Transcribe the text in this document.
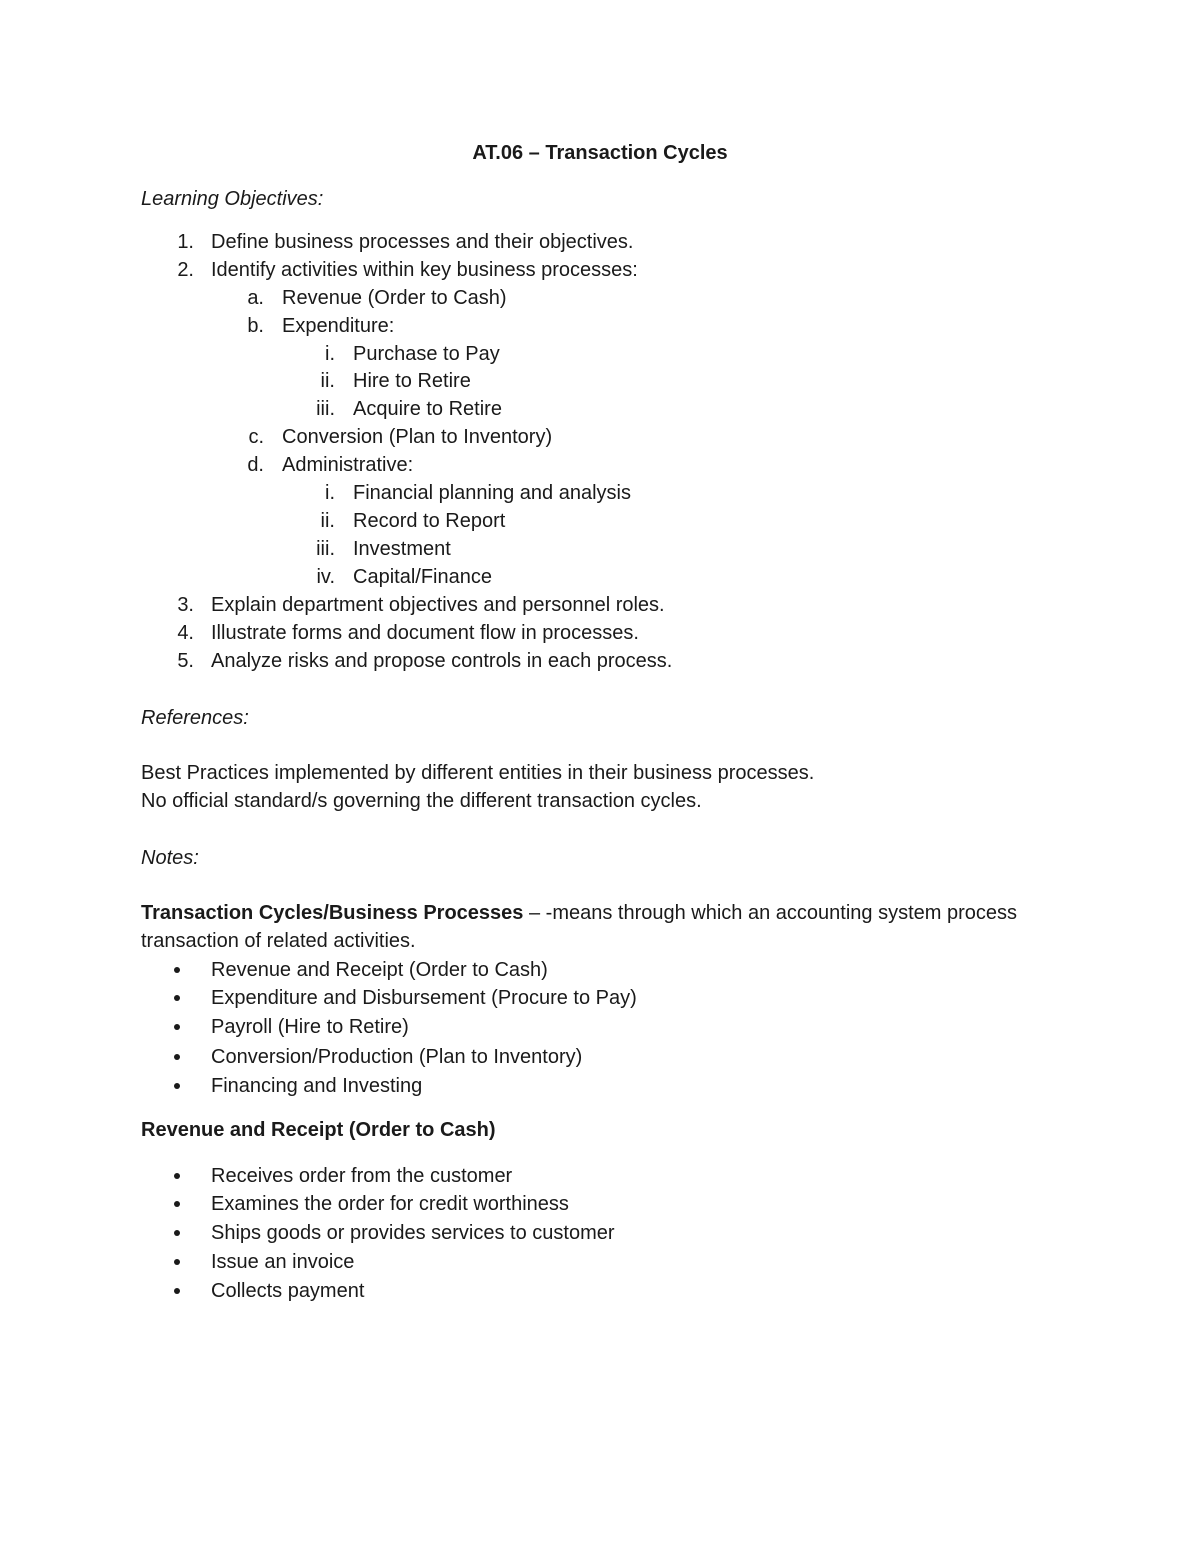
AT.06 – Transaction Cycles
Learning Objectives:
1. Define business processes and their objectives.
2. Identify activities within key business processes:
a. Revenue (Order to Cash)
b. Expenditure:
i. Purchase to Pay
ii. Hire to Retire
iii. Acquire to Retire
c. Conversion (Plan to Inventory)
d. Administrative:
i. Financial planning and analysis
ii. Record to Report
iii. Investment
iv. Capital/Finance
3. Explain department objectives and personnel roles.
4. Illustrate forms and document flow in processes.
5. Analyze risks and propose controls in each process.
References:
Best Practices implemented by different entities in their business processes.
No official standard/s governing the different transaction cycles.
Notes:
Transaction Cycles/Business Processes – -means through which an accounting system process
transaction of related activities.
Revenue and Receipt (Order to Cash)
Expenditure and Disbursement (Procure to Pay)
Payroll (Hire to Retire)
Conversion/Production (Plan to Inventory)
Financing and Investing
Revenue and Receipt (Order to Cash)
Receives order from the customer
Examines the order for credit worthiness
Ships goods or provides services to customer
Issue an invoice
Collects payment
